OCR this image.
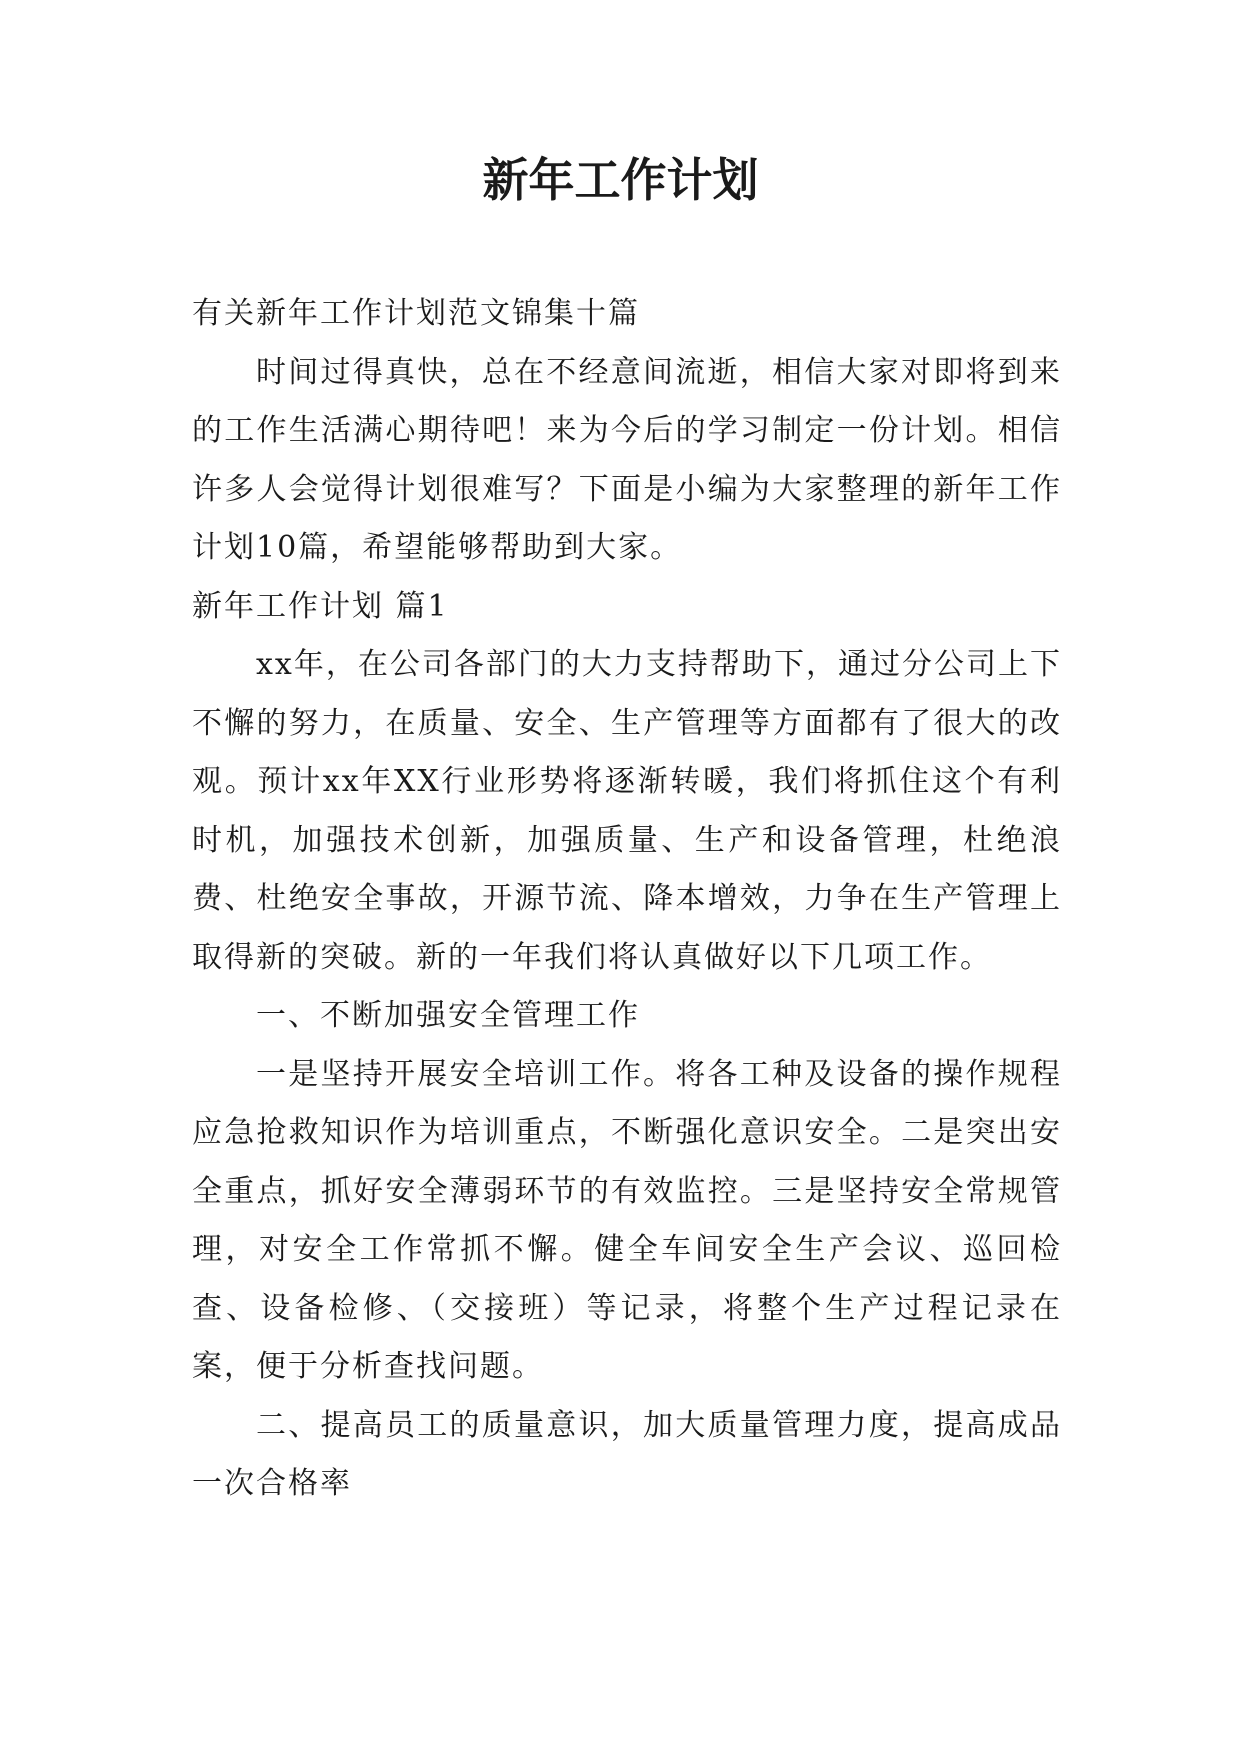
新年工作计划

有关新年工作计划范文锦集十篇

时间过得真快，总在不经意间流逝，相信大家对即将到来的工作生活满心期待吧！来为今后的学习制定一份计划。相信许多人会觉得计划很难写？下面是小编为大家整理的新年工作计划10篇，希望能够帮助到大家。

新年工作计划 篇1

xx年，在公司各部门的大力支持帮助下，通过分公司上下不懈的努力，在质量、安全、生产管理等方面都有了很大的改观。预计xx年XX行业形势将逐渐转暖，我们将抓住这个有利时机，加强技术创新，加强质量、生产和设备管理，杜绝浪费、杜绝安全事故，开源节流、降本增效，力争在生产管理上取得新的突破。新的一年我们将认真做好以下几项工作。

一、不断加强安全管理工作

一是坚持开展安全培训工作。将各工种及设备的操作规程应急抢救知识作为培训重点，不断强化意识安全。二是突出安全重点，抓好安全薄弱环节的有效监控。三是坚持安全常规管理，对安全工作常抓不懈。健全车间安全生产会议、巡回检查、设备检修、（交接班）等记录，将整个生产过程记录在案，便于分析查找问题。

二、提高员工的质量意识，加大质量管理力度，提高成品一次合格率
